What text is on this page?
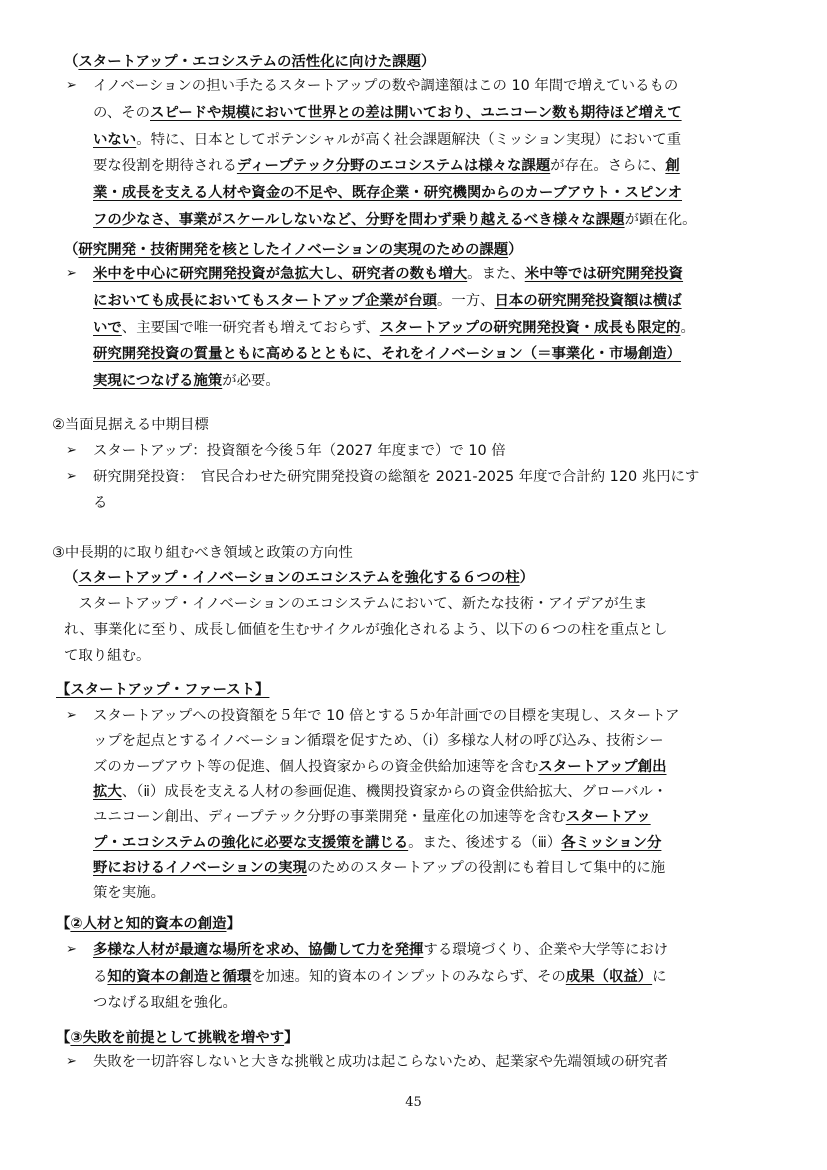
（スタートアップ・エコシステムの活性化に向けた課題）
➢ イノベーションの担い手たるスタートアップの数や調達額はこの 10 年間で増えているもの
の、そのスピードや規模において世界との差は開いており、ユニコーン数も期待ほど増えて
いない。特に、日本としてポテンシャルが高く社会課題解決（ミッション実現）において重
要な役割を期待されるディープテック分野のエコシステムは様々な課題が存在。さらに、創
業・成長を支える人材や資金の不足や、既存企業・研究機関からのカーブアウト・スピンオ
フの少なさ、事業がスケールしないなど、分野を問わず乗り越えるべき様々な課題が顕在化。
（研究開発・技術開発を核としたイノベーションの実現のための課題）
➢ 米中を中心に研究開発投資が急拡大し、研究者の数も増大。また、米中等では研究開発投資
においても成長においてもスタートアップ企業が台頭。一方、日本の研究開発投資額は横ば
いで、主要国で唯一研究者も増えておらず、スタートアップの研究開発投資・成長も限定的。
研究開発投資の質量ともに高めるとともに、それをイノベーション（＝事業化・市場創造）
実現につなげる施策が必要。
②当面見据える中期目標
➢ スタートアップ：投資額を今後５年（2027 年度まで）で 10 倍
➢ 研究開発投資：　官民合わせた研究開発投資の総額を 2021-2025 年度で合計約 120 兆円にす
る
③中長期的に取り組むべき領域と政策の方向性
（スタートアップ・イノベーションのエコシステムを強化する６つの柱）
　スタートアップ・イノベーションのエコシステムにおいて、新たな技術・アイデアが生ま
れ、事業化に至り、成長し価値を生むサイクルが強化されるよう、以下の６つの柱を重点とし
て取り組む。
【スタートアップ・ファースト】
➢ スタートアップへの投資額を５年で 10 倍とする５か年計画での目標を実現し、スタートア
ップを起点とするイノベーション循環を促すため、（ⅰ）多様な人材の呼び込み、技術シー
ズのカーブアウト等の促進、個人投資家からの資金供給加速等を含むスタートアップ創出
拡大、（ⅱ）成長を支える人材の参画促進、機関投資家からの資金供給拡大、グローバル・
ユニコーン創出、ディープテック分野の事業開発・量産化の加速等を含むスタートアッ
プ・エコシステムの強化に必要な支援策を講じる。また、後述する（ⅲ）各ミッション分
野におけるイノベーションの実現のためのスタートアップの役割にも着目して集中的に施
策を実施。
【②人材と知的資本の創造】
➢ 多様な人材が最適な場所を求め、協働して力を発揮する環境づくり、企業や大学等におけ
る知的資本の創造と循環を加速。知的資本のインプットのみならず、その成果（収益）に
つなげる取組を強化。
【③失敗を前提として挑戦を増やす】
➢ 失敗を一切許容しないと大きな挑戦と成功は起こらないため、起業家や先端領域の研究者
45
